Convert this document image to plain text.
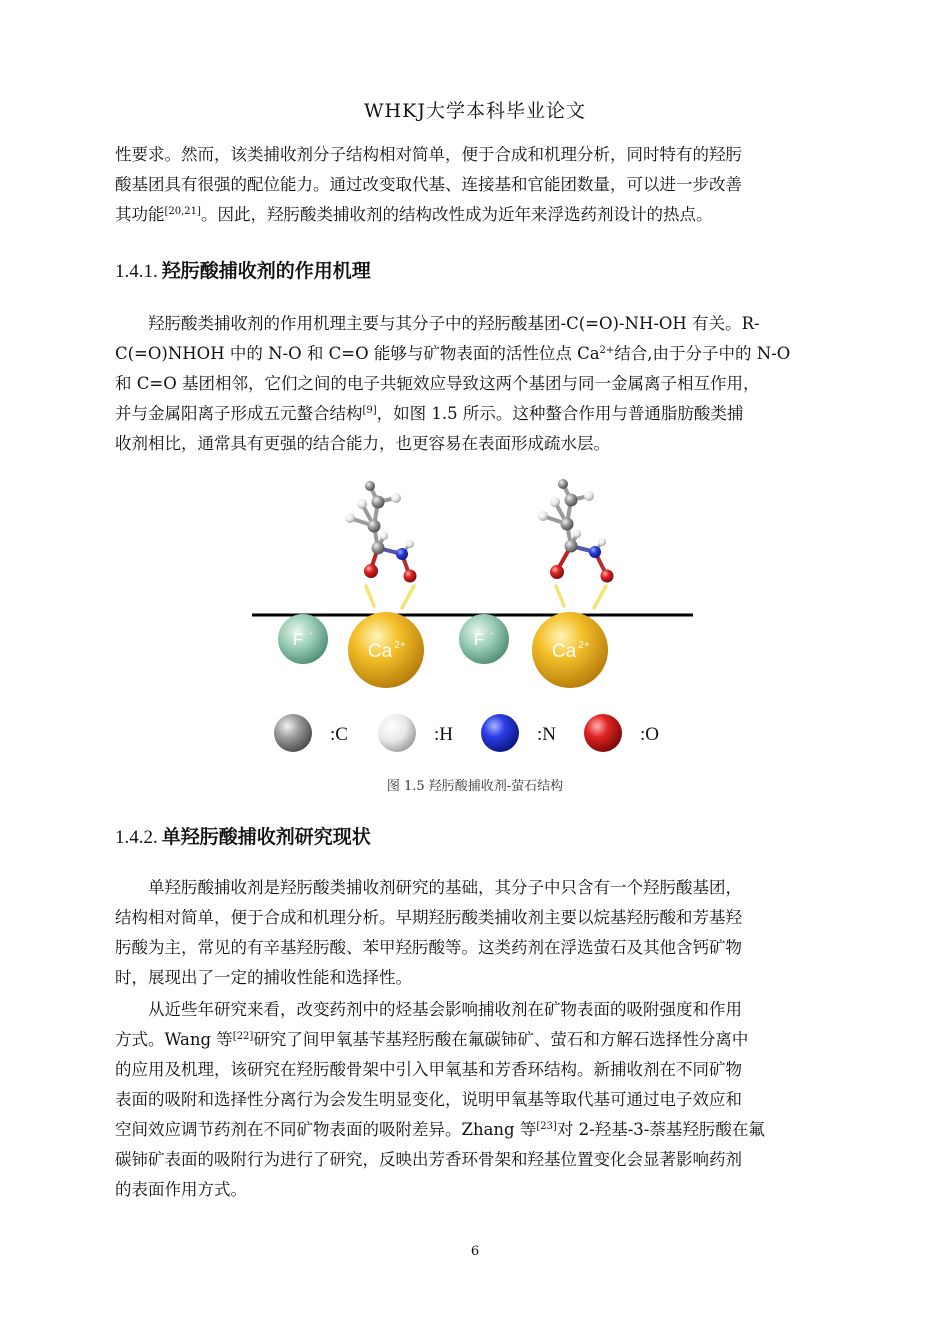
WHKJ大学本科毕业论文
性要求。然而，该类捕收剂分子结构相对简单，便于合成和机理分析，同时特有的羟肟
酸基团具有很强的配位能力。通过改变取代基、连接基和官能团数量，可以进一步改善
其功能[20,21]。因此，羟肟酸类捕收剂的结构改性成为近年来浮选药剂设计的热点。
1.4.1. 羟肟酸捕收剂的作用机理
羟肟酸类捕收剂的作用机理主要与其分子中的羟肟酸基团-C(=O)-NH-OH 有关。R-
C(=O)NHOH 中的 N-O 和 C=O 能够与矿物表面的活性位点 $Ca^{2+}$结合,由于分子中的 N-O
和 C=O 基团相邻，它们之间的电子共轭效应导致这两个基团与同一金属离子相互作用，
并与金属阳离子形成五元螯合结构[9]，如图 1.5 所示。这种螯合作用与普通脂肪酸类捕
收剂相比，通常具有更强的结合能力，也更容易在表面形成疏水层。
F -
Ca 2+	F -
Ca 2+
:C	:H	:N	:O
图 1.5 羟肟酸捕收剂-萤石结构
1.4.2. 单羟肟酸捕收剂研究现状
单羟肟酸捕收剂是羟肟酸类捕收剂研究的基础，其分子中只含有一个羟肟酸基团，
结构相对简单，便于合成和机理分析。早期羟肟酸类捕收剂主要以烷基羟肟酸和芳基羟
肟酸为主，常见的有辛基羟肟酸、苯甲羟肟酸等。这类药剂在浮选萤石及其他含钙矿物
时，展现出了一定的捕收性能和选择性。
从近些年研究来看，改变药剂中的烃基会影响捕收剂在矿物表面的吸附强度和作用
方式。Wang 等[22]研究了间甲氧基苄基羟肟酸在氟碳铈矿、萤石和方解石选择性分离中
的应用及机理，该研究在羟肟酸骨架中引入甲氧基和芳香环结构。新捕收剂在不同矿物
表面的吸附和选择性分离行为会发生明显变化，说明甲氧基等取代基可通过电子效应和
空间效应调节药剂在不同矿物表面的吸附差异。Zhang 等[23]对 2-羟基-3-萘基羟肟酸在氟
碳铈矿表面的吸附行为进行了研究，反映出芳香环骨架和羟基位置变化会显著影响药剂
的表面作用方式。
6
